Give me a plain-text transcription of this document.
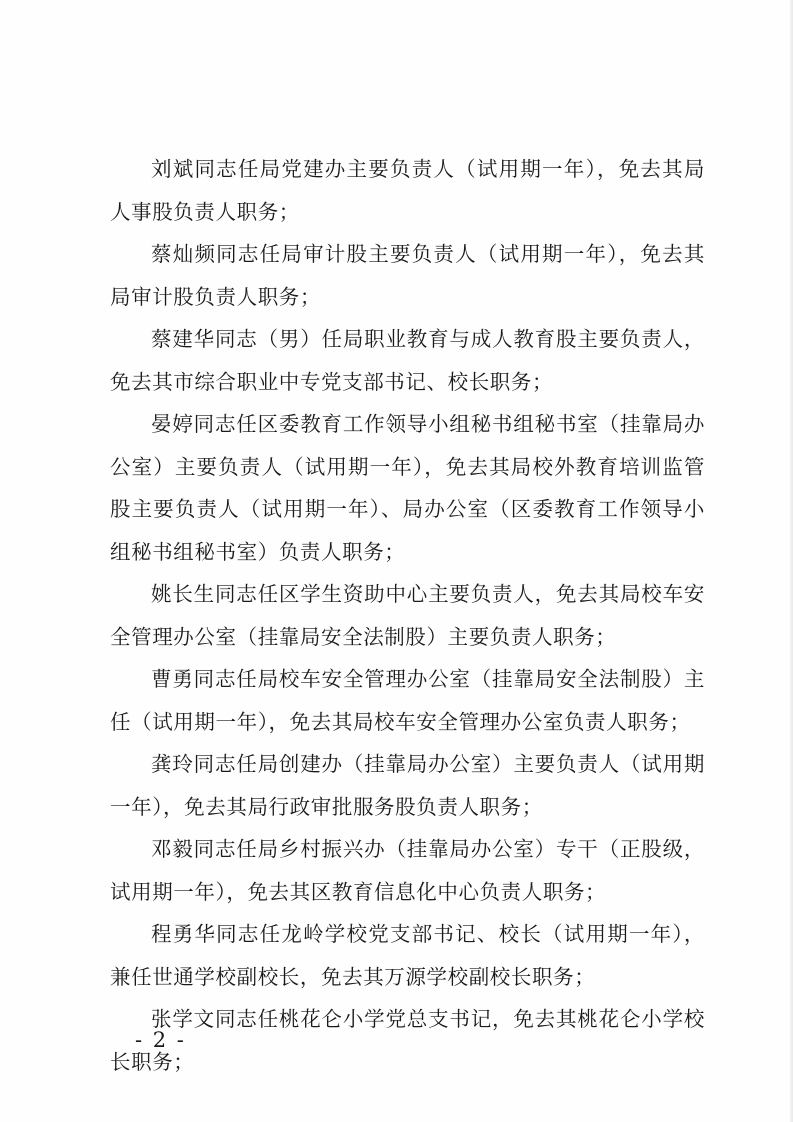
刘斌同志任局党建办主要负责人（试用期一年），免去其局人事股负责人职务；

蔡灿频同志任局审计股主要负责人（试用期一年），免去其局审计股负责人职务；

蔡建华同志（男）任局职业教育与成人教育股主要负责人，免去其市综合职业中专党支部书记、校长职务；

晏婷同志任区委教育工作领导小组秘书组秘书室（挂靠局办公室）主要负责人（试用期一年），免去其局校外教育培训监管股主要负责人（试用期一年）、局办公室（区委教育工作领导小组秘书组秘书室）负责人职务；

姚长生同志任区学生资助中心主要负责人，免去其局校车安全管理办公室（挂靠局安全法制股）主要负责人职务；

曹勇同志任局校车安全管理办公室（挂靠局安全法制股）主任（试用期一年），免去其局校车安全管理办公室负责人职务；

龚玲同志任局创建办（挂靠局办公室）主要负责人（试用期一年），免去其局行政审批服务股负责人职务；

邓毅同志任局乡村振兴办（挂靠局办公室）专干（正股级，试用期一年），免去其区教育信息化中心负责人职务；

程勇华同志任龙岭学校党支部书记、校长（试用期一年），兼任世通学校副校长，免去其万源学校副校长职务；

张学文同志任桃花仑小学党总支书记，免去其桃花仑小学校长职务；

- 2 -
